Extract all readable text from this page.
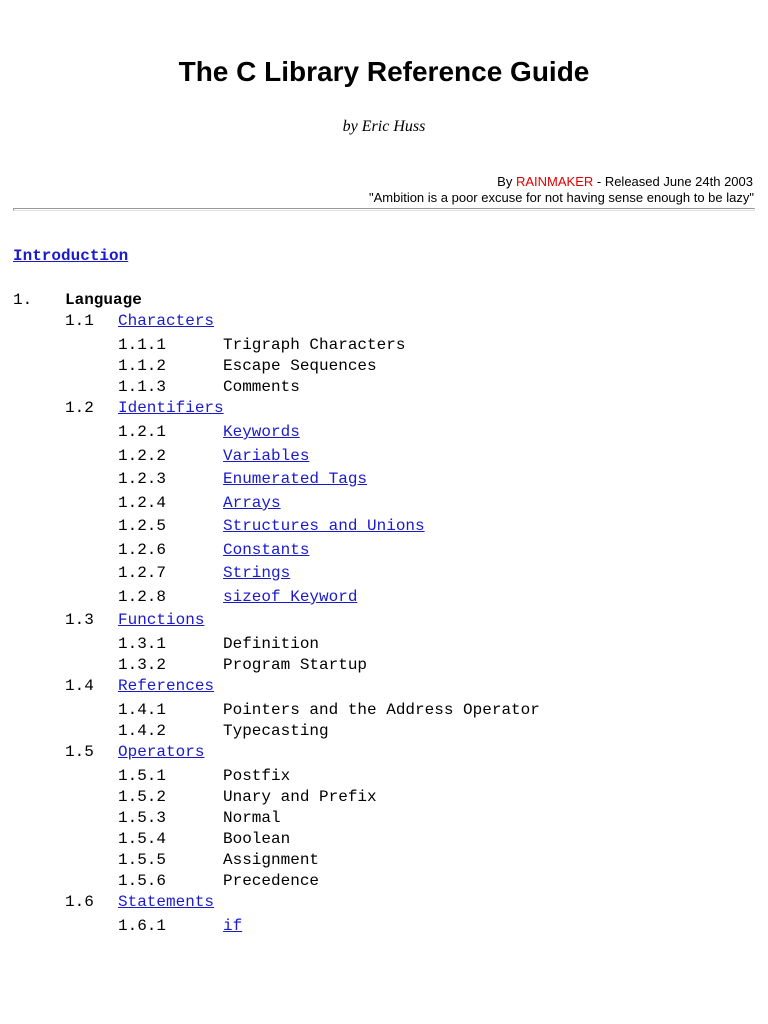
The C Library Reference Guide
by Eric Huss
By RAINMAKER - Released June 24th 2003
"Ambition is a poor excuse for not having sense enough to be lazy"
Introduction
1. Language
1.1 Characters
1.1.1	Trigraph Characters
1.1.2	Escape Sequences
1.1.3	Comments
1.2 Identifiers
1.2.1	Keywords
1.2.2	Variables
1.2.3	Enumerated Tags
1.2.4	Arrays
1.2.5	Structures and Unions
1.2.6	Constants
1.2.7	Strings
1.2.8	sizeof Keyword
1.3 Functions
1.3.1	Definition
1.3.2	Program Startup
1.4 References
1.4.1	Pointers and the Address Operator
1.4.2	Typecasting
1.5 Operators
1.5.1	Postfix
1.5.2	Unary and Prefix
1.5.3	Normal
1.5.4	Boolean
1.5.5	Assignment
1.5.6	Precedence
1.6 Statements
1.6.1	if
